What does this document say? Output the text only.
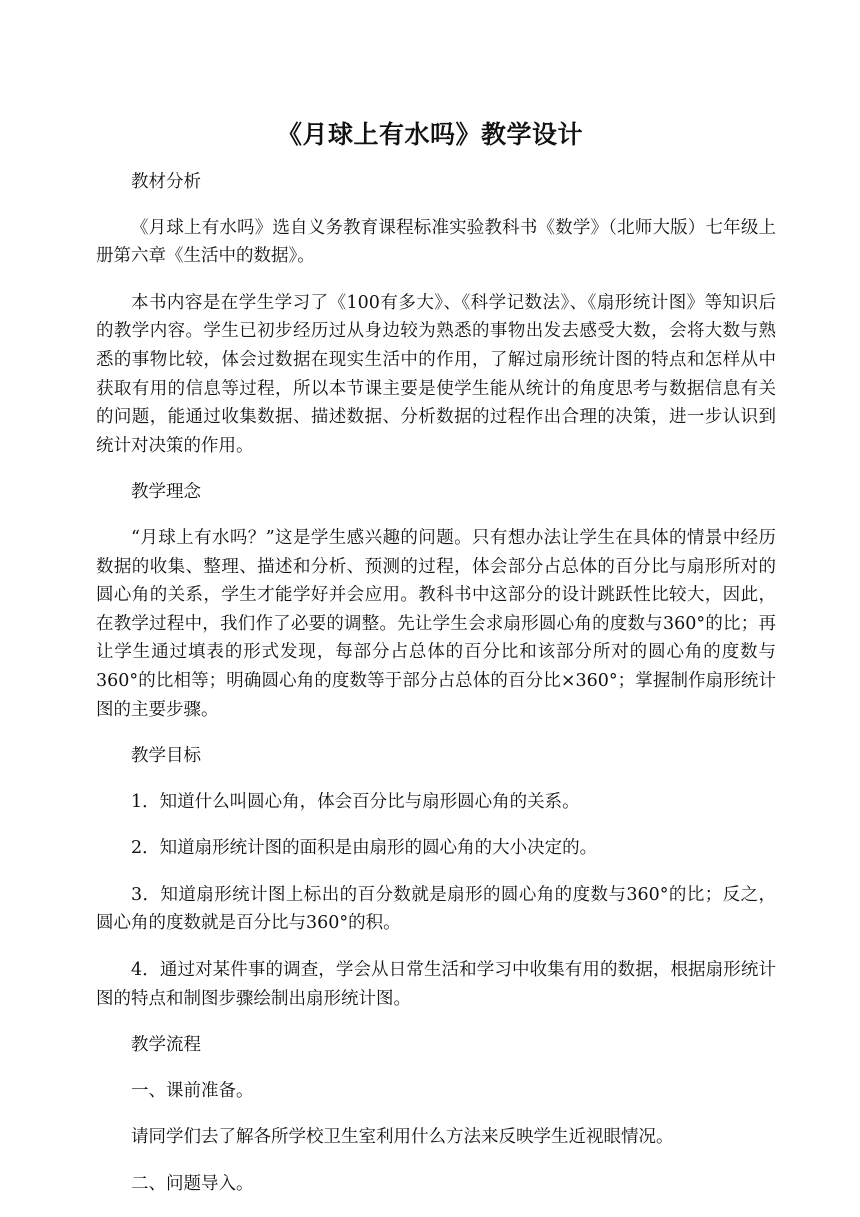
《月球上有水吗》教学设计

教材分析

《月球上有水吗》选自义务教育课程标准实验教科书《数学》（北师大版）七年级上册第六章《生活中的数据》。

本书内容是在学生学习了《100有多大》、《科学记数法》、《扇形统计图》等知识后的教学内容。学生已初步经历过从身边较为熟悉的事物出发去感受大数，会将大数与熟悉的事物比较，体会过数据在现实生活中的作用，了解过扇形统计图的特点和怎样从中获取有用的信息等过程，所以本节课主要是使学生能从统计的角度思考与数据信息有关的问题，能通过收集数据、描述数据、分析数据的过程作出合理的决策，进一步认识到统计对决策的作用。

教学理念

“月球上有水吗？”这是学生感兴趣的问题。只有想办法让学生在具体的情景中经历数据的收集、整理、描述和分析、预测的过程，体会部分占总体的百分比与扇形所对的圆心角的关系，学生才能学好并会应用。教科书中这部分的设计跳跃性比较大，因此，在教学过程中，我们作了必要的调整。先让学生会求扇形圆心角的度数与360°的比；再让学生通过填表的形式发现，每部分占总体的百分比和该部分所对的圆心角的度数与360°的比相等；明确圆心角的度数等于部分占总体的百分比×360°；掌握制作扇形统计图的主要步骤。

教学目标

1．知道什么叫圆心角，体会百分比与扇形圆心角的关系。

2．知道扇形统计图的面积是由扇形的圆心角的大小决定的。

3．知道扇形统计图上标出的百分数就是扇形的圆心角的度数与360°的比；反之，圆心角的度数就是百分比与360°的积。

4．通过对某件事的调查，学会从日常生活和学习中收集有用的数据，根据扇形统计图的特点和制图步骤绘制出扇形统计图。

教学流程

一、课前准备。

请同学们去了解各所学校卫生室利用什么方法来反映学生近视眼情况。

二、问题导入。
